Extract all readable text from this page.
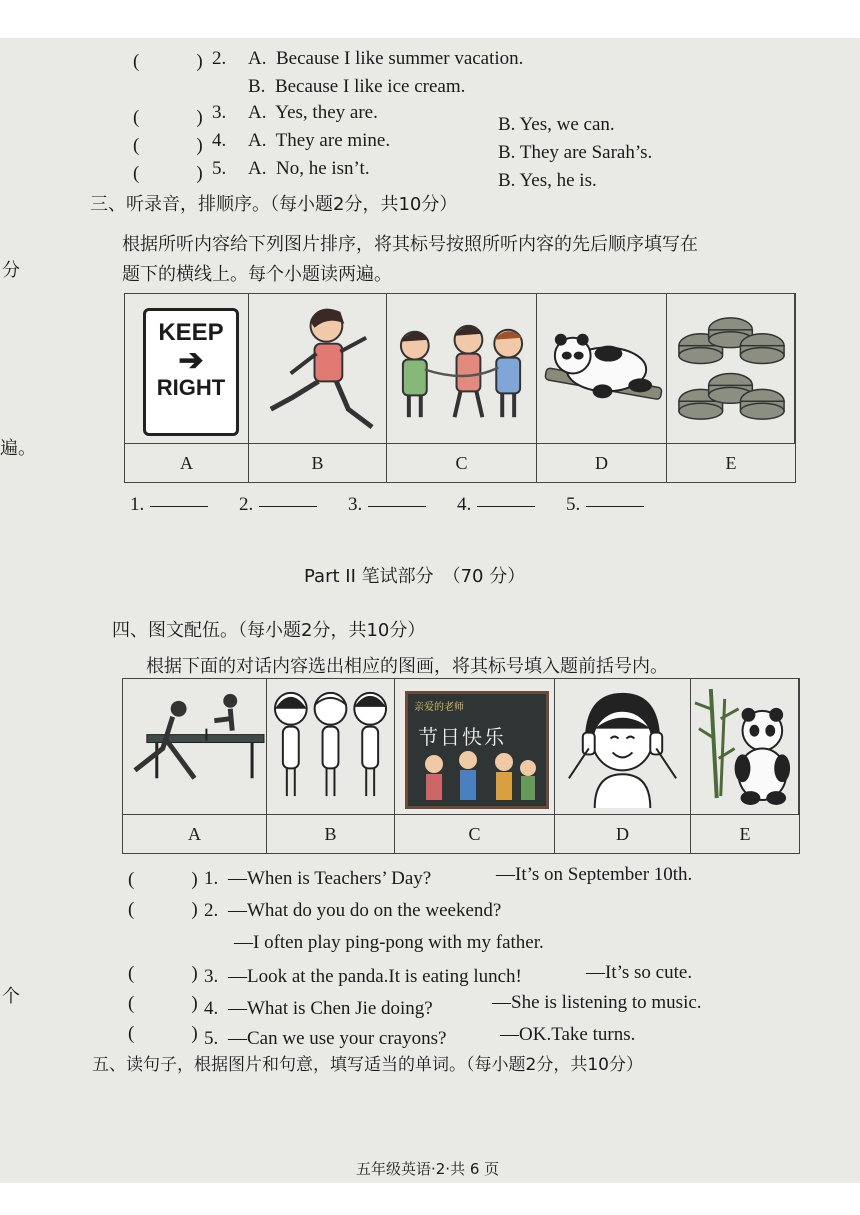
分
遍。
个
(　　　) 2. A.  Because I like summer vacation.
B.  Because I like ice cream.
(　　　) 3. A.  Yes, they are.
B. Yes, we can.
(　　　) 4. A.  They are mine.
B. They are Sarah’s.
(　　　) 5. A.  No, he isn’t.
B. Yes, he is.
三、听录音，排顺序。（每小题2分，共10分）
根据所听内容给下列图片排序，将其标号按照所听内容的先后顺序填写在
题下的横线上。每个小题读两遍。
KEEP
➔
RIGHT
A	B	C	D	E
1.	2.	3.	4.	5.
Part II 笔试部分　（70 分）
四、图文配伍。（每小题2分，共10分）
根据下面的对话内容选出相应的图画，将其标号填入题前括号内。
亲爱的老师
节日快乐
A	B	C	D	E
(　　　) 1. —When is Teachers’ Day?	—It’s on September 10th.
(　　　) 2. —What do you do on the weekend?
—I often play ping-pong with my father.
(　　　) 3. —Look at the panda.It is eating lunch!	—It’s so cute.
(　　　) 4. —What is Chen Jie doing?	—She is listening to music.
(　　　) 5. —Can we use your crayons?	—OK.Take turns.
五、读句子，根据图片和句意，填写适当的单词。（每小题2分，共10分）
五年级英语·2·共 6 页
